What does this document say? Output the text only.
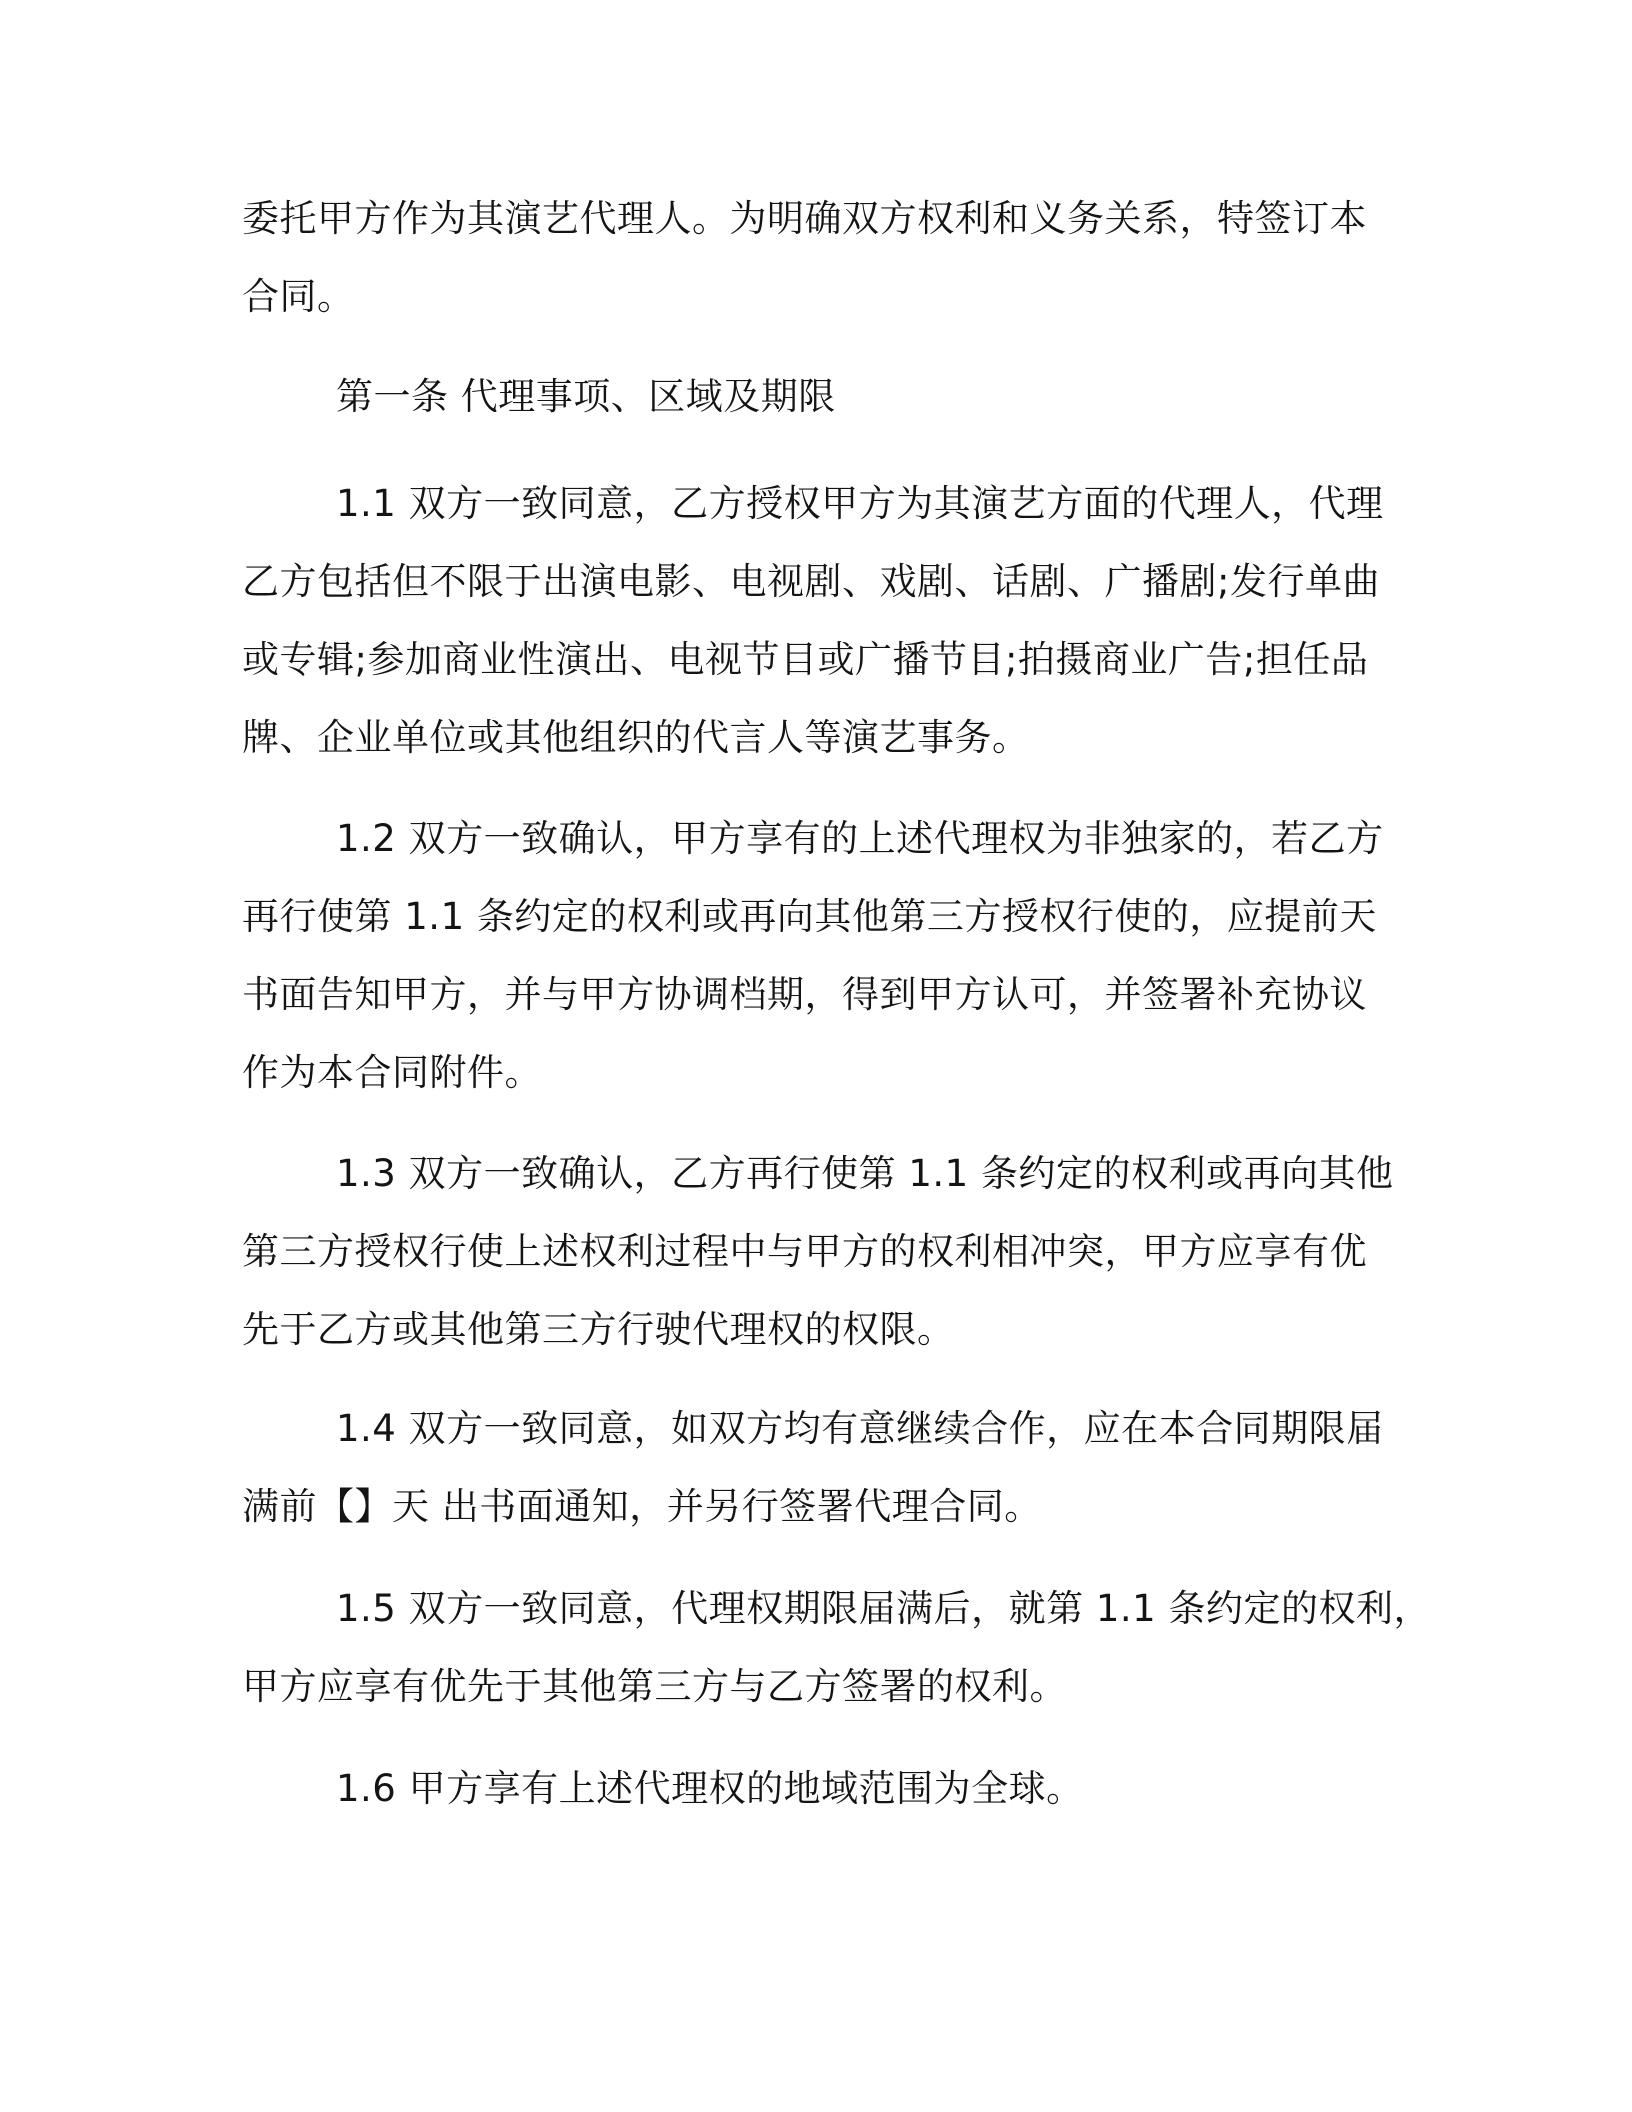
委托甲方作为其演艺代理人。为明确双方权利和义务关系，特签订本
合同。
第一条 代理事项、区域及期限
1.1 双方一致同意，乙方授权甲方为其演艺方面的代理人，代理
乙方包括但不限于出演电影、电视剧、戏剧、话剧、广播剧;发行单曲
或专辑;参加商业性演出、电视节目或广播节目;拍摄商业广告;担任品
牌、企业单位或其他组织的代言人等演艺事务。
1.2 双方一致确认，甲方享有的上述代理权为非独家的，若乙方
再行使第 1.1 条约定的权利或再向其他第三方授权行使的，应提前天
书面告知甲方，并与甲方协调档期，得到甲方认可，并签署补充协议
作为本合同附件。
1.3 双方一致确认，乙方再行使第 1.1 条约定的权利或再向其他
第三方授权行使上述权利过程中与甲方的权利相冲突，甲方应享有优
先于乙方或其他第三方行驶代理权的权限。
1.4 双方一致同意，如双方均有意继续合作，应在本合同期限届
满前【】天 出书面通知，并另行签署代理合同。
1.5 双方一致同意，代理权期限届满后，就第 1.1 条约定的权利，
甲方应享有优先于其他第三方与乙方签署的权利。
1.6 甲方享有上述代理权的地域范围为全球。
